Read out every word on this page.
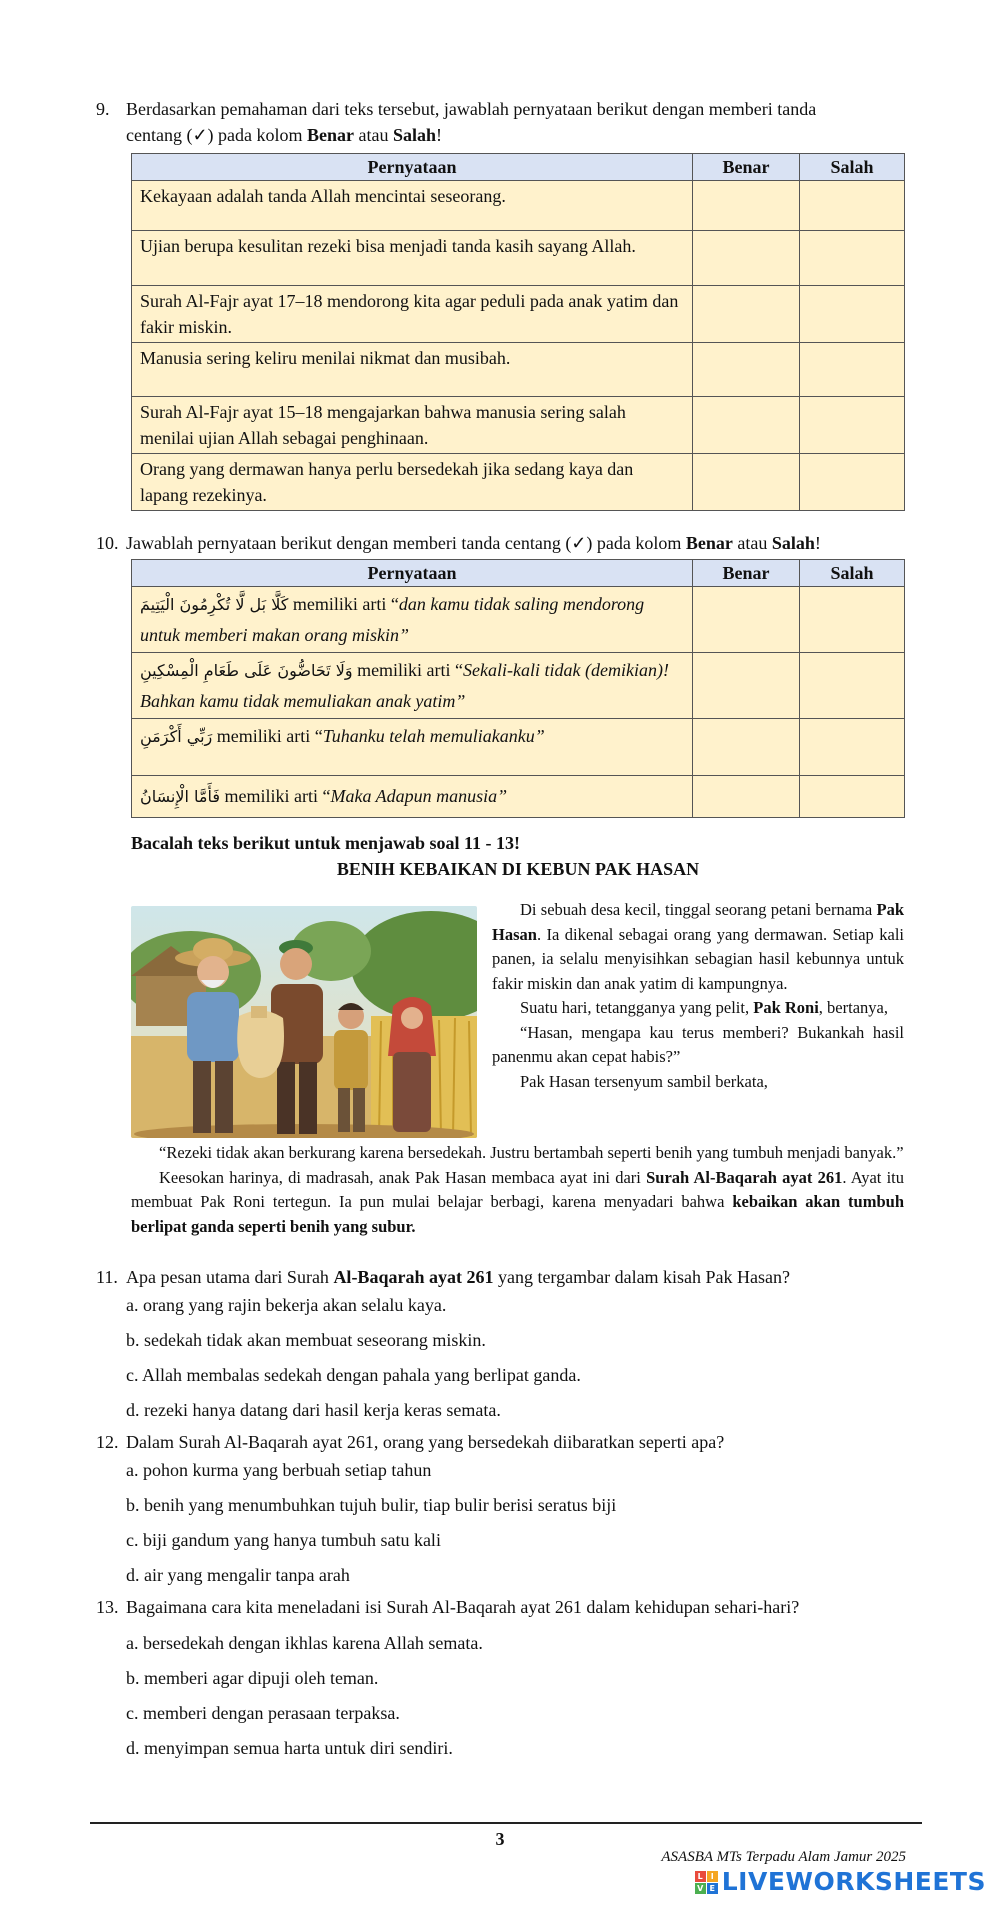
9. Berdasarkan pemahaman dari teks tersebut, jawablah pernyataan berikut dengan memberi tanda
centang (✓) pada kolom Benar atau Salah!
Pernyataan	Benar	Salah
Kekayaan adalah tanda Allah mencintai seseorang.		
Ujian berupa kesulitan rezeki bisa menjadi tanda kasih sayang Allah.		
Surah Al-Fajr ayat 17–18 mendorong kita agar peduli pada anak yatim dan fakir miskin.		
Manusia sering keliru menilai nikmat dan musibah.		
Surah Al-Fajr ayat 15–18 mengajarkan bahwa manusia sering salah menilai ujian Allah sebagai penghinaan.		
Orang yang dermawan hanya perlu bersedekah jika sedang kaya dan lapang rezekinya.		
10. Jawablah pernyataan berikut dengan memberi tanda centang (✓) pada kolom Benar atau Salah!
Pernyataan	Benar	Salah
كَلَّا بَل لَّا تُكْرِمُونَ الْيَتِيمَ memiliki arti “dan kamu tidak saling mendorong untuk memberi makan orang miskin”		
وَلَا تَحَاضُّونَ عَلَى طَعَامِ الْمِسْكِينِ memiliki arti “Sekali-kali tidak (demikian)! Bahkan kamu tidak memuliakan anak yatim”		
رَبِّي أَكْرَمَنِ memiliki arti “Tuhanku telah memuliakanku”		
فَأَمَّا الْإِنسَانُ memiliki arti “Maka Adapun manusia”		
Bacalah teks berikut untuk menjawab soal 11 - 13!
BENIH KEBAIKAN DI KEBUN PAK HASAN

Di sebuah desa kecil, tinggal seorang petani bernama Pak Hasan. Ia dikenal sebagai orang yang dermawan. Setiap kali panen, ia selalu menyisihkan sebagian hasil kebunnya untuk fakir miskin dan anak yatim di kampungnya.

Suatu hari, tetangganya yang pelit, Pak Roni, bertanya,

“Hasan, mengapa kau terus memberi? Bukankah hasil panenmu akan cepat habis?”

Pak Hasan tersenyum sambil berkata,

“Rezeki tidak akan berkurang karena bersedekah. Justru bertambah seperti benih yang tumbuh menjadi banyak.”

Keesokan harinya, di madrasah, anak Pak Hasan membaca ayat ini dari Surah Al-Baqarah ayat 261. Ayat itu membuat Pak Roni tertegun. Ia pun mulai belajar berbagi, karena menyadari bahwa kebaikan akan tumbuh berlipat ganda seperti benih yang subur.

11. Apa pesan utama dari Surah Al-Baqarah ayat 261 yang tergambar dalam kisah Pak Hasan?
a. orang yang rajin bekerja akan selalu kaya.
b. sedekah tidak akan membuat seseorang miskin.
c. Allah membalas sedekah dengan pahala yang berlipat ganda.
d. rezeki hanya datang dari hasil kerja keras semata.
12. Dalam Surah Al-Baqarah ayat 261, orang yang bersedekah diibaratkan seperti apa?
a. pohon kurma yang berbuah setiap tahun
b. benih yang menumbuhkan tujuh bulir, tiap bulir berisi seratus biji
c. biji gandum yang hanya tumbuh satu kali
d. air yang mengalir tanpa arah
13. Bagaimana cara kita meneladani isi Surah Al-Baqarah ayat 261 dalam kehidupan sehari-hari?
a. bersedekah dengan ikhlas karena Allah semata.
b. memberi agar dipuji oleh teman.
c. memberi dengan perasaan terpaksa.
d. menyimpan semua harta untuk diri sendiri.
3
ASASBA MTs Terpadu Alam Jamur 2025
L I
V E LIVEWORKSHEETS
